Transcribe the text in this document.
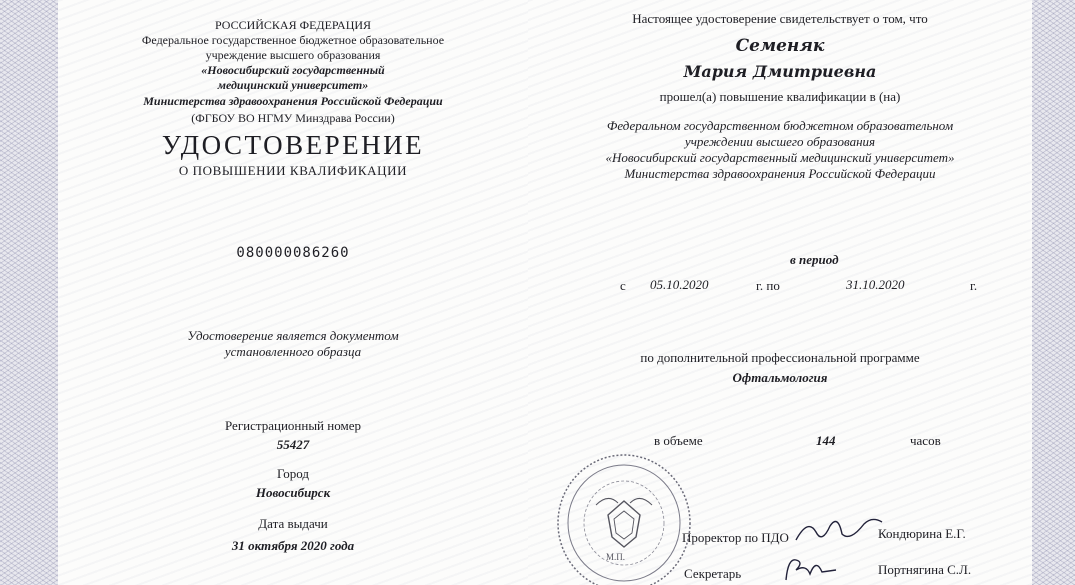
РОССИЙСКАЯ ФЕДЕРАЦИЯ
Федеральное государственное бюджетное образовательное
учреждение высшего образования
«Новосибирский государственный
медицинский университет»
Министерства здравоохранения Российской Федерации
(ФГБОУ ВО НГМУ Минздрава России)
УДОСТОВЕРЕНИЕ
О ПОВЫШЕНИИ КВАЛИФИКАЦИИ
080000086260
Удостоверение является документом
установленного образца
Регистрационный номер
55427
Город
Новосибирск
Дата выдачи
31 октября 2020 года
Настоящее удостоверение свидетельствует о том, что
Семеняк
Мария Дмитриевна
прошел(а) повышение квалификации в (на)
Федеральном государственном бюджетном образовательном
учреждении высшего образования
«Новосибирский государственный медицинский университет»
Министерства здравоохранения Российской Федерации
в период
с 05.10.2020	г. по	31.10.2020	г.
по дополнительной профессиональной программе
Офтальмология
в объеме	144	часов
М.П.
Проректор по ПДО	Кондюрина Е.Г.
Секретарь	Портнягина С.Л.
